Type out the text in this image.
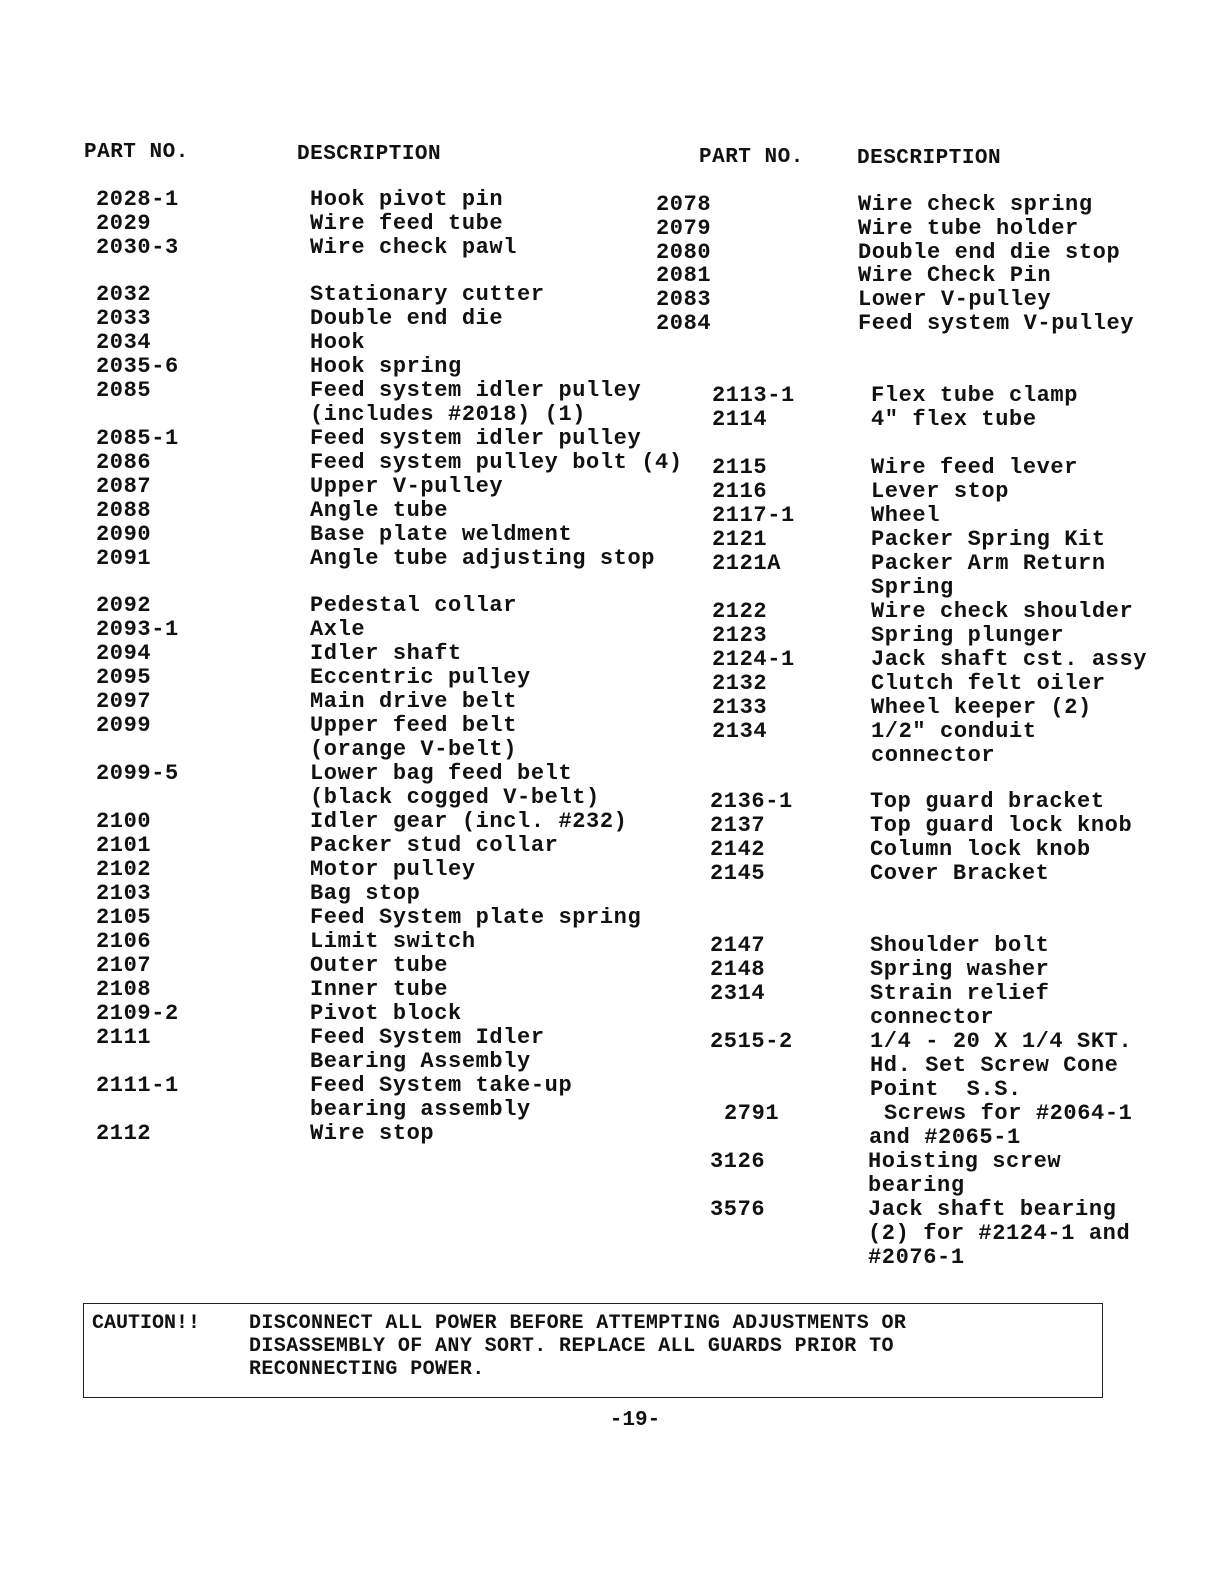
PART NO.	DESCRIPTION	PART NO.	DESCRIPTION
2028-1	Hook pivot pin
2029	Wire feed tube
2030-3	Wire check pawl
2032	Stationary cutter
2033	Double end die
2034	Hook
2035-6	Hook spring
2085	Feed system idler pulley
(includes #2018) (1)
2085-1	Feed system idler pulley
2086	Feed system pulley bolt (4)
2087	Upper V-pulley
2088	Angle tube
2090	Base plate weldment
2091	Angle tube adjusting stop
2092	Pedestal collar
2093-1	Axle
2094	Idler shaft
2095	Eccentric pulley
2097	Main drive belt
2099	Upper feed belt
(orange V-belt)
2099-5	Lower bag feed belt
(black cogged V-belt)
2100	Idler gear (incl. #232)
2101	Packer stud collar
2102	Motor pulley
2103	Bag stop
2105	Feed System plate spring
2106	Limit switch
2107	Outer tube
2108	Inner tube
2109-2	Pivot block
2111	Feed System Idler
Bearing Assembly
2111-1	Feed System take-up
bearing assembly
2112	Wire stop
2078	Wire check spring
2079	Wire tube holder
2080	Double end die stop
2081	Wire Check Pin
2083	Lower V-pulley
2084	Feed system V-pulley
2113-1	Flex tube clamp
2114	4" flex tube
2115	Wire feed lever
2116	Lever stop
2117-1	Wheel
2121	Packer Spring Kit
2121A	Packer Arm Return
Spring
2122	Wire check shoulder
2123	Spring plunger
2124-1	Jack shaft cst. assy
2132	Clutch felt oiler
2133	Wheel keeper (2)
2134	1/2" conduit
connector
2136-1	Top guard bracket
2137	Top guard lock knob
2142	Column lock knob
2145	Cover Bracket
2147	Shoulder bolt
2148	Spring washer
2314	Strain relief
connector
2515-2	1/4 - 20 X 1/4 SKT.
Hd. Set Screw Cone
Point  S.S.
2791	Screws for #2064-1
and #2065-1
3126	Hoisting screw
bearing
3576	Jack shaft bearing
(2) for #2124-1 and
#2076-1
CAUTION!! DISCONNECT ALL POWER BEFORE ATTEMPTING ADJUSTMENTS OR
DISASSEMBLY OF ANY SORT. REPLACE ALL GUARDS PRIOR TO
RECONNECTING POWER.
-19-
